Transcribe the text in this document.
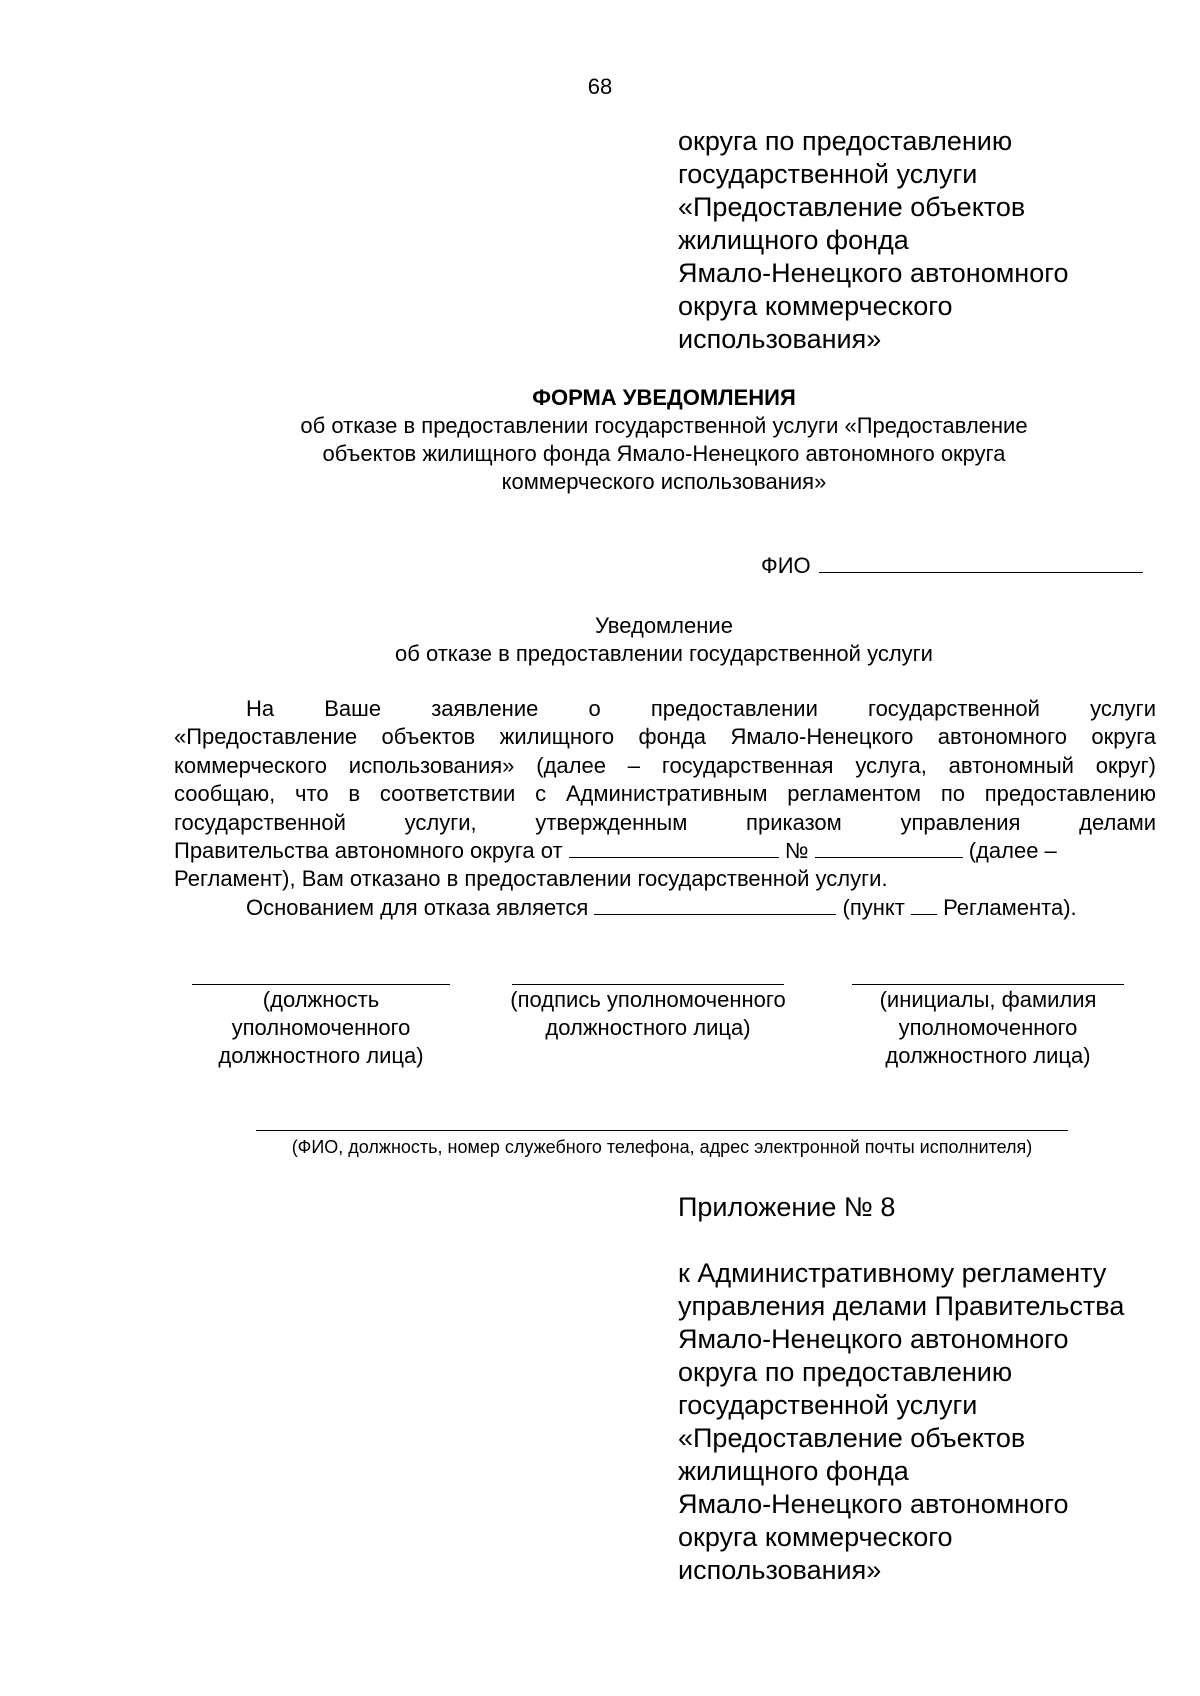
68
округа по предоставлению
государственной услуги
«Предоставление объектов
жилищного фонда
Ямало-Ненецкого автономного
округа коммерческого
использования»
ФОРМА УВЕДОМЛЕНИЯ
об отказе в предоставлении государственной услуги «Предоставление
объектов жилищного фонда Ямало-Ненецкого автономного округа
коммерческого использования»
ФИО
Уведомление
об отказе в предоставлении государственной услуги
На Ваше заявление о предоставлении государственной услуги
«Предоставление объектов жилищного фонда Ямало-Ненецкого автономного округа
коммерческого использования» (далее – государственная услуга, автономный округ)
сообщаю, что в соответствии с Административным регламентом по предоставлению
государственной услуги, утвержденным приказом управления делами
Правительства автономного округа от	№	(далее –
Регламент), Вам отказано в предоставлении государственной услуги.
Основанием для отказа является	(пункт Регламента).
(должность
уполномоченного
должностного лица)
(подпись уполномоченного
должностного лица)
(инициалы, фамилия
уполномоченного
должностного лица)
(ФИО, должность, номер служебного телефона, адрес электронной почты исполнителя)
Приложение № 8
к Административному регламенту
управления делами Правительства
Ямало-Ненецкого автономного
округа по предоставлению
государственной услуги
«Предоставление объектов
жилищного фонда
Ямало-Ненецкого автономного
округа коммерческого
использования»
